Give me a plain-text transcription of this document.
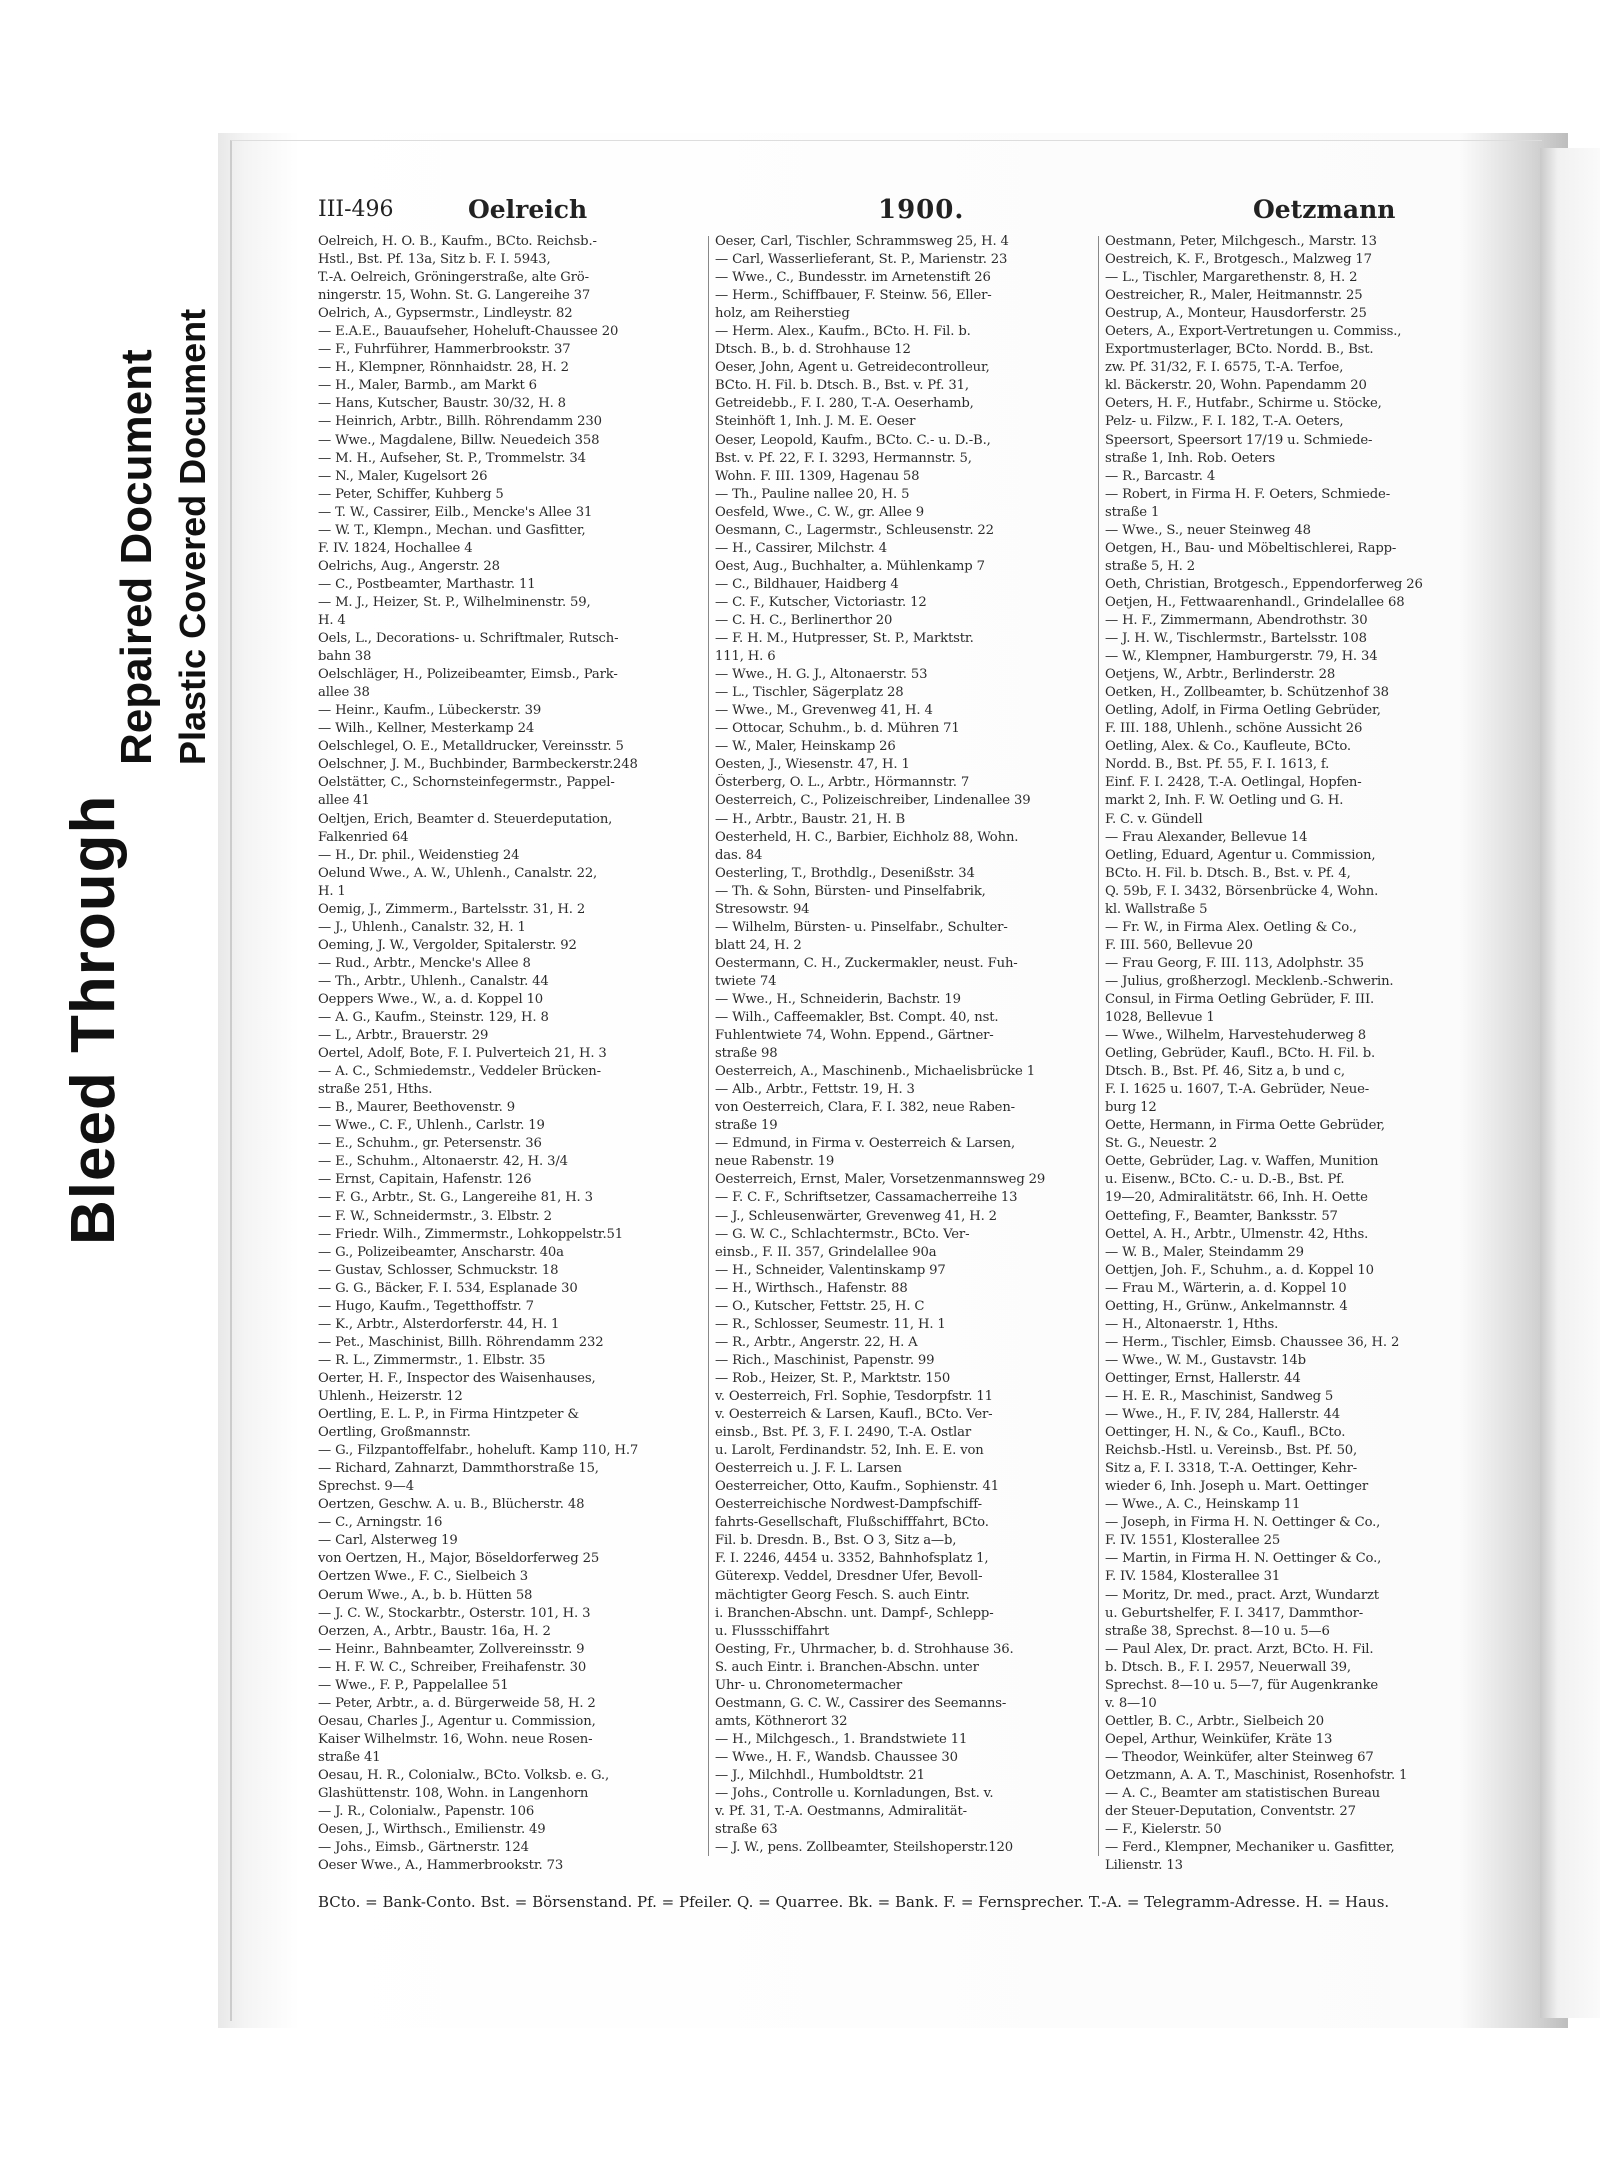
Bleed Through
Repaired Document Plastic Covered Document
III-496	Oelreich	1900.	Oetzmann
Oelreich, H. O. B., Kaufm., BCto. Reichsb.-
Hstl., Bst. Pf. 13a, Sitz b. F. I. 5943,
T.-A. Oelreich, Gröningerstraße, alte Grö-
ningerstr. 15, Wohn. St. G. Langereihe 37
Oelrich, A., Gypsermstr., Lindleystr. 82
— E.A.E., Bauaufseher, Hoheluft-Chaussee 20
— F., Fuhrführer, Hammerbrookstr. 37
— H., Klempner, Rönnhaidstr. 28, H. 2
— H., Maler, Barmb., am Markt 6
— Hans, Kutscher, Baustr. 30/32, H. 8
— Heinrich, Arbtr., Billh. Röhrendamm 230
— Wwe., Magdalene, Billw. Neuedeich 358
— M. H., Aufseher, St. P., Trommelstr. 34
— N., Maler, Kugelsort 26
— Peter, Schiffer, Kuhberg 5
— T. W., Cassirer, Eilb., Mencke's Allee 31
— W. T., Klempn., Mechan. und Gasfitter,
F. IV. 1824, Hochallee 4
Oelrichs, Aug., Angerstr. 28
— C., Postbeamter, Marthastr. 11
— M. J., Heizer, St. P., Wilhelminenstr. 59,
H. 4
Oels, L., Decorations- u. Schriftmaler, Rutsch-
bahn 38
Oelschläger, H., Polizeibeamter, Eimsb., Park-
allee 38
— Heinr., Kaufm., Lübeckerstr. 39
— Wilh., Kellner, Mesterkamp 24
Oelschlegel, O. E., Metalldrucker, Vereinsstr. 5
Oelschner, J. M., Buchbinder, Barmbeckerstr.248
Oelstätter, C., Schornsteinfegermstr., Pappel-
allee 41
Oeltjen, Erich, Beamter d. Steuerdeputation,
Falkenried 64
— H., Dr. phil., Weidenstieg 24
Oelund Wwe., A. W., Uhlenh., Canalstr. 22,
H. 1
Oemig, J., Zimmerm., Bartelsstr. 31, H. 2
— J., Uhlenh., Canalstr. 32, H. 1
Oeming, J. W., Vergolder, Spitalerstr. 92
— Rud., Arbtr., Mencke's Allee 8
— Th., Arbtr., Uhlenh., Canalstr. 44
Oeppers Wwe., W., a. d. Koppel 10
— A. G., Kaufm., Steinstr. 129, H. 8
— L., Arbtr., Brauerstr. 29
Oertel, Adolf, Bote, F. I. Pulverteich 21, H. 3
— A. C., Schmiedemstr., Veddeler Brücken-
straße 251, Hths.
— B., Maurer, Beethovenstr. 9
— Wwe., C. F., Uhlenh., Carlstr. 19
— E., Schuhm., gr. Petersenstr. 36
— E., Schuhm., Altonaerstr. 42, H. 3/4
— Ernst, Capitain, Hafenstr. 126
— F. G., Arbtr., St. G., Langereihe 81, H. 3
— F. W., Schneidermstr., 3. Elbstr. 2
— Friedr. Wilh., Zimmermstr., Lohkoppelstr.51
— G., Polizeibeamter, Anscharstr. 40a
— Gustav, Schlosser, Schmuckstr. 18
— G. G., Bäcker, F. I. 534, Esplanade 30
— Hugo, Kaufm., Tegetthoffstr. 7
— K., Arbtr., Alsterdorferstr. 44, H. 1
— Pet., Maschinist, Billh. Röhrendamm 232
— R. L., Zimmermstr., 1. Elbstr. 35
Oerter, H. F., Inspector des Waisenhauses,
Uhlenh., Heizerstr. 12
Oertling, E. L. P., in Firma Hintzpeter &
Oertling, Großmannstr.
— G., Filzpantoffelfabr., hoheluft. Kamp 110, H.7
— Richard, Zahnarzt, Dammthorstraße 15,
Sprechst. 9—4
Oertzen, Geschw. A. u. B., Blücherstr. 48
— C., Arningstr. 16
— Carl, Alsterweg 19
von Oertzen, H., Major, Böseldorferweg 25
Oertzen Wwe., F. C., Sielbeich 3
Oerum Wwe., A., b. b. Hütten 58
— J. C. W., Stockarbtr., Osterstr. 101, H. 3
Oerzen, A., Arbtr., Baustr. 16a, H. 2
— Heinr., Bahnbeamter, Zollvereinsstr. 9
— H. F. W. C., Schreiber, Freihafenstr. 30
— Wwe., F. P., Pappelallee 51
— Peter, Arbtr., a. d. Bürgerweide 58, H. 2
Oesau, Charles J., Agentur u. Commission,
Kaiser Wilhelmstr. 16, Wohn. neue Rosen-
straße 41
Oesau, H. R., Colonialw., BCto. Volksb. e. G.,
Glashüttenstr. 108, Wohn. in Langenhorn
— J. R., Colonialw., Papenstr. 106
Oesen, J., Wirthsch., Emilienstr. 49
— Johs., Eimsb., Gärtnerstr. 124
Oeser Wwe., A., Hammerbrookstr. 73
Oeser, Carl, Tischler, Schrammsweg 25, H. 4
— Carl, Wasserlieferant, St. P., Marienstr. 23
— Wwe., C., Bundesstr. im Arnetenstift 26
— Herm., Schiffbauer, F. Steinw. 56, Eller-
holz, am Reiherstieg
— Herm. Alex., Kaufm., BCto. H. Fil. b.
Dtsch. B., b. d. Strohhause 12
Oeser, John, Agent u. Getreidecontrolleur,
BCto. H. Fil. b. Dtsch. B., Bst. v. Pf. 31,
Getreidebb., F. I. 280, T.-A. Oeserhamb,
Steinhöft 1, Inh. J. M. E. Oeser
Oeser, Leopold, Kaufm., BCto. C.- u. D.-B.,
Bst. v. Pf. 22, F. I. 3293, Hermannstr. 5,
Wohn. F. III. 1309, Hagenau 58
— Th., Pauline nallee 20, H. 5
Oesfeld, Wwe., C. W., gr. Allee 9
Oesmann, C., Lagermstr., Schleusenstr. 22
— H., Cassirer, Milchstr. 4
Oest, Aug., Buchhalter, a. Mühlenkamp 7
— C., Bildhauer, Haidberg 4
— C. F., Kutscher, Victoriastr. 12
— C. H. C., Berlinerthor 20
— F. H. M., Hutpresser, St. P., Marktstr.
111, H. 6
— Wwe., H. G. J., Altonaerstr. 53
— L., Tischler, Sägerplatz 28
— Wwe., M., Grevenweg 41, H. 4
— Ottocar, Schuhm., b. d. Mühren 71
— W., Maler, Heinskamp 26
Oesten, J., Wiesenstr. 47, H. 1
Österberg, O. L., Arbtr., Hörmannstr. 7
Oesterreich, C., Polizeischreiber, Lindenallee 39
— H., Arbtr., Baustr. 21, H. B
Oesterheld, H. C., Barbier, Eichholz 88, Wohn.
das. 84
Oesterling, T., Brothdlg., Desenißstr. 34
— Th. & Sohn, Bürsten- und Pinselfabrik,
Stresowstr. 94
— Wilhelm, Bürsten- u. Pinselfabr., Schulter-
blatt 24, H. 2
Oestermann, C. H., Zuckermakler, neust. Fuh-
twiete 74
— Wwe., H., Schneiderin, Bachstr. 19
— Wilh., Caffeemakler, Bst. Compt. 40, nst.
Fuhlentwiete 74, Wohn. Eppend., Gärtner-
straße 98
Oesterreich, A., Maschinenb., Michaelisbrücke 1
— Alb., Arbtr., Fettstr. 19, H. 3
von Oesterreich, Clara, F. I. 382, neue Raben-
straße 19
— Edmund, in Firma v. Oesterreich & Larsen,
neue Rabenstr. 19
Oesterreich, Ernst, Maler, Vorsetzenmannsweg 29
— F. C. F., Schriftsetzer, Cassamacherreihe 13
— J., Schleusenwärter, Grevenweg 41, H. 2
— G. W. C., Schlachtermstr., BCto. Ver-
einsb., F. II. 357, Grindelallee 90a
— H., Schneider, Valentinskamp 97
— H., Wirthsch., Hafenstr. 88
— O., Kutscher, Fettstr. 25, H. C
— R., Schlosser, Seumestr. 11, H. 1
— R., Arbtr., Angerstr. 22, H. A
— Rich., Maschinist, Papenstr. 99
— Rob., Heizer, St. P., Marktstr. 150
v. Oesterreich, Frl. Sophie, Tesdorpfstr. 11
v. Oesterreich & Larsen, Kaufl., BCto. Ver-
einsb., Bst. Pf. 3, F. I. 2490, T.-A. Ostlar
u. Larolt, Ferdinandstr. 52, Inh. E. E. von
Oesterreich u. J. F. L. Larsen
Oesterreicher, Otto, Kaufm., Sophienstr. 41
Oesterreichische Nordwest-Dampfschiff-
fahrts-Gesellschaft, Flußschifffahrt, BCto.
Fil. b. Dresdn. B., Bst. O 3, Sitz a—b,
F. I. 2246, 4454 u. 3352, Bahnhofsplatz 1,
Güterexp. Veddel, Dresdner Ufer, Bevoll-
mächtigter Georg Fesch. S. auch Eintr.
i. Branchen-Abschn. unt. Dampf-, Schlepp-
u. Flussschiffahrt
Oesting, Fr., Uhrmacher, b. d. Strohhause 36.
S. auch Eintr. i. Branchen-Abschn. unter
Uhr- u. Chronometermacher
Oestmann, G. C. W., Cassirer des Seemanns-
amts, Köthnerort 32
— H., Milchgesch., 1. Brandstwiete 11
— Wwe., H. F., Wandsb. Chaussee 30
— J., Milchhdl., Humboldtstr. 21
— Johs., Controlle u. Kornladungen, Bst. v.
v. Pf. 31, T.-A. Oestmanns, Admiralität-
straße 63
— J. W., pens. Zollbeamter, Steilshoperstr.120
Oestmann, Peter, Milchgesch., Marstr. 13
Oestreich, K. F., Brotgesch., Malzweg 17
— L., Tischler, Margarethenstr. 8, H. 2
Oestreicher, R., Maler, Heitmannstr. 25
Oestrup, A., Monteur, Hausdorferstr. 25
Oeters, A., Export-Vertretungen u. Commiss.,
Exportmusterlager, BCto. Nordd. B., Bst.
zw. Pf. 31/32, F. I. 6575, T.-A. Terfoe,
kl. Bäckerstr. 20, Wohn. Papendamm 20
Oeters, H. F., Hutfabr., Schirme u. Stöcke,
Pelz- u. Filzw., F. I. 182, T.-A. Oeters,
Speersort, Speersort 17/19 u. Schmiede-
straße 1, Inh. Rob. Oeters
— R., Barcastr. 4
— Robert, in Firma H. F. Oeters, Schmiede-
straße 1
— Wwe., S., neuer Steinweg 48
Oetgen, H., Bau- und Möbeltischlerei, Rapp-
straße 5, H. 2
Oeth, Christian, Brotgesch., Eppendorferweg 26
Oetjen, H., Fettwaarenhandl., Grindelallee 68
— H. F., Zimmermann, Abendrothstr. 30
— J. H. W., Tischlermstr., Bartelsstr. 108
— W., Klempner, Hamburgerstr. 79, H. 34
Oetjens, W., Arbtr., Berlinderstr. 28
Oetken, H., Zollbeamter, b. Schützenhof 38
Oetling, Adolf, in Firma Oetling Gebrüder,
F. III. 188, Uhlenh., schöne Aussicht 26
Oetling, Alex. & Co., Kaufleute, BCto.
Nordd. B., Bst. Pf. 55, F. I. 1613, f.
Einf. F. I. 2428, T.-A. Oetlingal, Hopfen-
markt 2, Inh. F. W. Oetling und G. H.
F. C. v. Gündell
— Frau Alexander, Bellevue 14
Oetling, Eduard, Agentur u. Commission,
BCto. H. Fil. b. Dtsch. B., Bst. v. Pf. 4,
Q. 59b, F. I. 3432, Börsenbrücke 4, Wohn.
kl. Wallstraße 5
— Fr. W., in Firma Alex. Oetling & Co.,
F. III. 560, Bellevue 20
— Frau Georg, F. III. 113, Adolphstr. 35
— Julius, großherzogl. Mecklenb.-Schwerin.
Consul, in Firma Oetling Gebrüder, F. III.
1028, Bellevue 1
— Wwe., Wilhelm, Harvestehuderweg 8
Oetling, Gebrüder, Kaufl., BCto. H. Fil. b.
Dtsch. B., Bst. Pf. 46, Sitz a, b und c,
F. I. 1625 u. 1607, T.-A. Gebrüder, Neue-
burg 12
Oette, Hermann, in Firma Oette Gebrüder,
St. G., Neuestr. 2
Oette, Gebrüder, Lag. v. Waffen, Munition
u. Eisenw., BCto. C.- u. D.-B., Bst. Pf.
19—20, Admiralitätstr. 66, Inh. H. Oette
Oettefing, F., Beamter, Banksstr. 57
Oettel, A. H., Arbtr., Ulmenstr. 42, Hths.
— W. B., Maler, Steindamm 29
Oettjen, Joh. F., Schuhm., a. d. Koppel 10
— Frau M., Wärterin, a. d. Koppel 10
Oetting, H., Grünw., Ankelmannstr. 4
— H., Altonaerstr. 1, Hths.
— Herm., Tischler, Eimsb. Chaussee 36, H. 2
— Wwe., W. M., Gustavstr. 14b
Oettinger, Ernst, Hallerstr. 44
— H. E. R., Maschinist, Sandweg 5
— Wwe., H., F. IV, 284, Hallerstr. 44
Oettinger, H. N., & Co., Kaufl., BCto.
Reichsb.-Hstl. u. Vereinsb., Bst. Pf. 50,
Sitz a, F. I. 3318, T.-A. Oettinger, Kehr-
wieder 6, Inh. Joseph u. Mart. Oettinger
— Wwe., A. C., Heinskamp 11
— Joseph, in Firma H. N. Oettinger & Co.,
F. IV. 1551, Klosterallee 25
— Martin, in Firma H. N. Oettinger & Co.,
F. IV. 1584, Klosterallee 31
— Moritz, Dr. med., pract. Arzt, Wundarzt
u. Geburtshelfer, F. I. 3417, Dammthor-
straße 38, Sprechst. 8—10 u. 5—6
— Paul Alex, Dr. pract. Arzt, BCto. H. Fil.
b. Dtsch. B., F. I. 2957, Neuerwall 39,
Sprechst. 8—10 u. 5—7, für Augenkranke
v. 8—10
Oettler, B. C., Arbtr., Sielbeich 20
Oepel, Arthur, Weinküfer, Kräte 13
— Theodor, Weinküfer, alter Steinweg 67
Oetzmann, A. A. T., Maschinist, Rosenhofstr. 1
— A. C., Beamter am statistischen Bureau
der Steuer-Deputation, Conventstr. 27
— F., Kielerstr. 50
— Ferd., Klempner, Mechaniker u. Gasfitter,
Lilienstr. 13
BCto. = Bank-Conto. Bst. = Börsenstand. Pf. = Pfeiler. Q. = Quarree. Bk. = Bank. F. = Fernsprecher. T.-A. = Telegramm-Adresse. H. = Haus.
